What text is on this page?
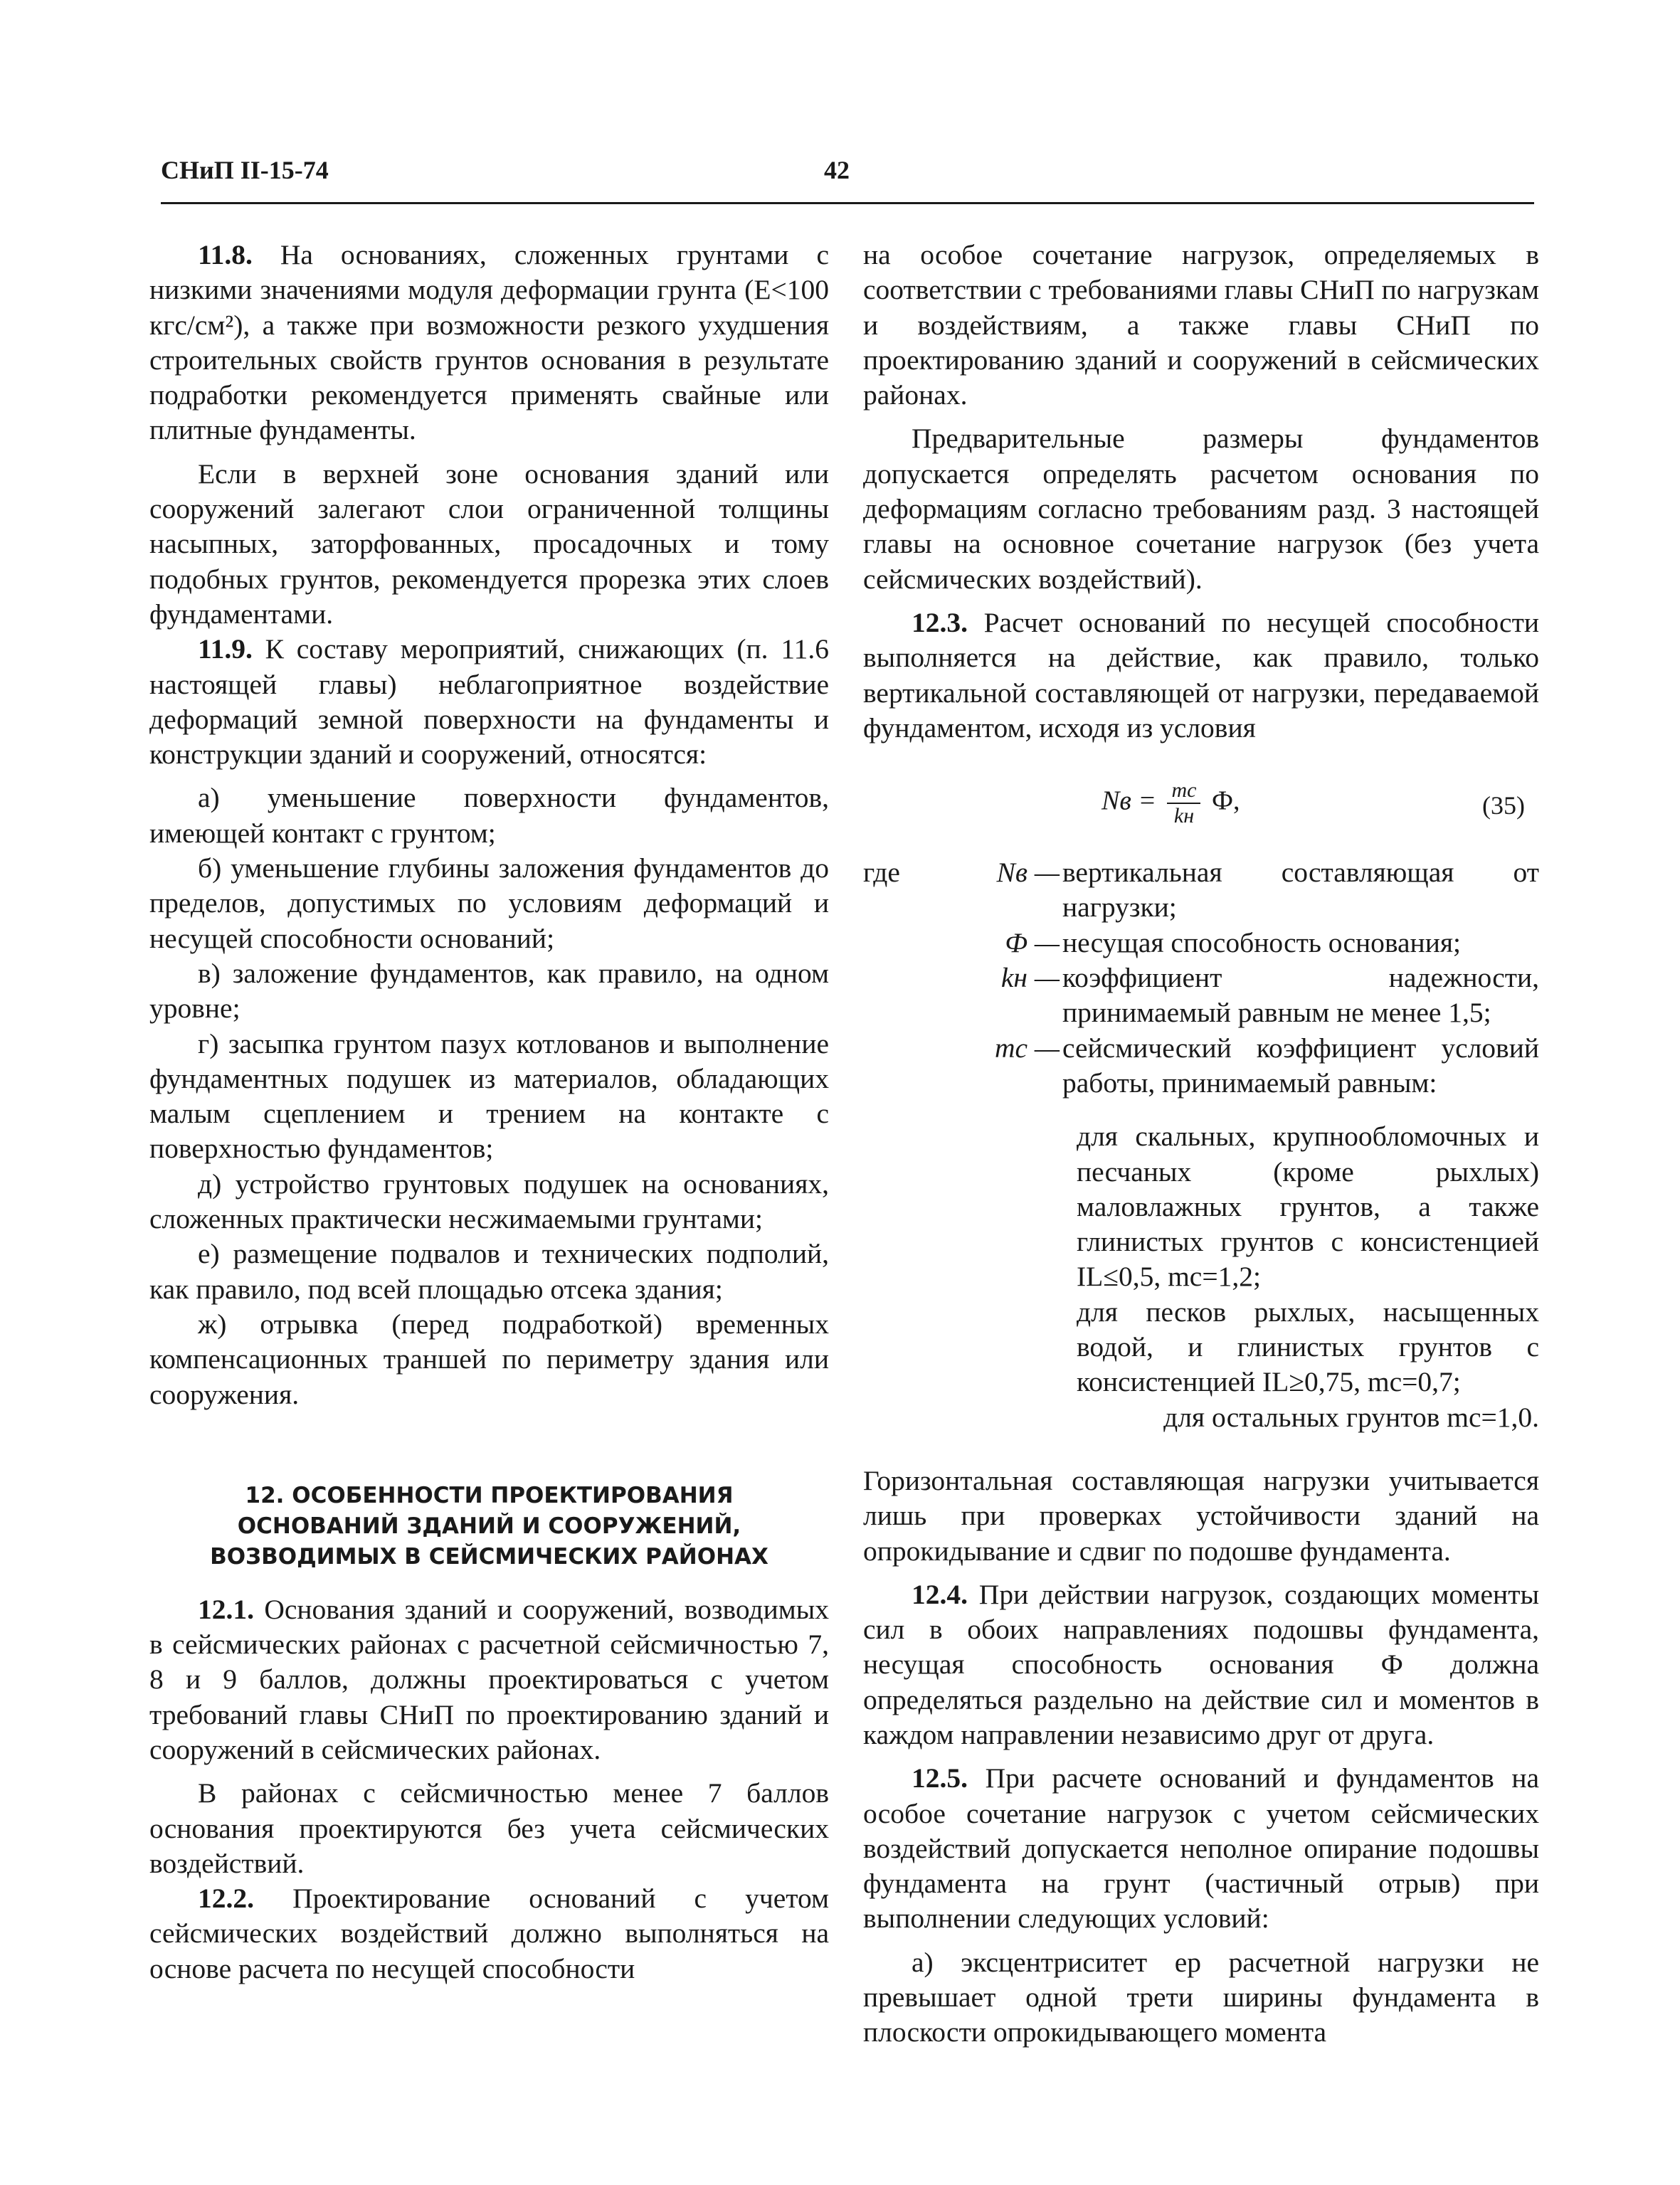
СНиП II-15-74	42

11.8. На основаниях, сложенных грунтами с низкими значениями модуля деформации грунта (E<100 кгс/см²), а также при возможности резкого ухудшения строительных свойств грунтов основания в результате подработки рекомендуется применять свайные или плитные фундаменты.

Если в верхней зоне основания зданий или сооружений залегают слои ограниченной толщины насыпных, заторфованных, просадочных и тому подобных грунтов, рекомендуется прорезка этих слоев фундаментами.

11.9. К составу мероприятий, снижающих (п. 11.6 настоящей главы) неблагоприятное воздействие деформаций земной поверхности на фундаменты и конструкции зданий и сооружений, относятся:

а) уменьшение поверхности фундаментов, имеющей контакт с грунтом;

б) уменьшение глубины заложения фундаментов до пределов, допустимых по условиям деформаций и несущей способности оснований;

в) заложение фундаментов, как правило, на одном уровне;

г) засыпка грунтом пазух котлованов и выполнение фундаментных подушек из материалов, обладающих малым сцеплением и трением на контакте с поверхностью фундаментов;

д) устройство грунтовых подушек на основаниях, сложенных практически несжимаемыми грунтами;

е) размещение подвалов и технических подполий, как правило, под всей площадью отсека здания;

ж) отрывка (перед подработкой) временных компенсационных траншей по периметру здания или сооружения.

12. ОСОБЕННОСТИ ПРОЕКТИРОВАНИЯ
ОСНОВАНИЙ ЗДАНИЙ И СООРУЖЕНИЙ,
ВОЗВОДИМЫХ В СЕЙСМИЧЕСКИХ РАЙОНАХ

12.1. Основания зданий и сооружений, возводимых в сейсмических районах с расчетной сейсмичностью 7, 8 и 9 баллов, должны проектироваться с учетом требований главы СНиП по проектированию зданий и сооружений в сейсмических районах.

В районах с сейсмичностью менее 7 баллов основания проектируются без учета сейсмических воздействий.

12.2. Проектирование оснований с учетом сейсмических воздействий должно выполняться на основе расчета по несущей способности

на особое сочетание нагрузок, определяемых в соответствии с требованиями главы СНиП по нагрузкам и воздействиям, а также главы СНиП по проектированию зданий и сооружений в сейсмических районах.

Предварительные размеры фундаментов допускается определять расчетом основания по деформациям согласно требованиям разд. 3 настоящей главы на основное сочетание нагрузок (без учета сейсмических воздействий).

12.3. Расчет оснований по несущей способности выполняется на действие, как правило, только вертикальной составляющей от нагрузки, передаваемой фундаментом, исходя из условия

Nв = $\frac{mс}{kн} Ф$,	(35)
где	Nв — вертикальная составляющая от нагрузки;
Ф — несущая способность основания;
kн — коэффициент надежности, принимаемый равным не менее 1,5;
mс — сейсмический коэффициент условий работы, принимаемый равным:

для скальных, крупнообломочных и песчаных (кроме рыхлых) маловлажных грунтов, а также глинистых грунтов с консистенцией IL≤0,5, mс=1,2;

для песков рыхлых, насыщенных водой, и глинистых грунтов с консистенцией IL≥0,75, mс=0,7;

для остальных грунтов mс=1,0.

Горизонтальная составляющая нагрузки учитывается лишь при проверках устойчивости зданий на опрокидывание и сдвиг по подошве фундамента.

12.4. При действии нагрузок, создающих моменты сил в обоих направлениях подошвы фундамента, несущая способность основания Ф должна определяться раздельно на действие сил и моментов в каждом направлении независимо друг от друга.

12.5. При расчете оснований и фундаментов на особое сочетание нагрузок с учетом сейсмических воздействий допускается неполное опирание подошвы фундамента на грунт (частичный отрыв) при выполнении следующих условий:

а) эксцентриситет eр расчетной нагрузки не превышает одной трети ширины фундамента в плоскости опрокидывающего момента
